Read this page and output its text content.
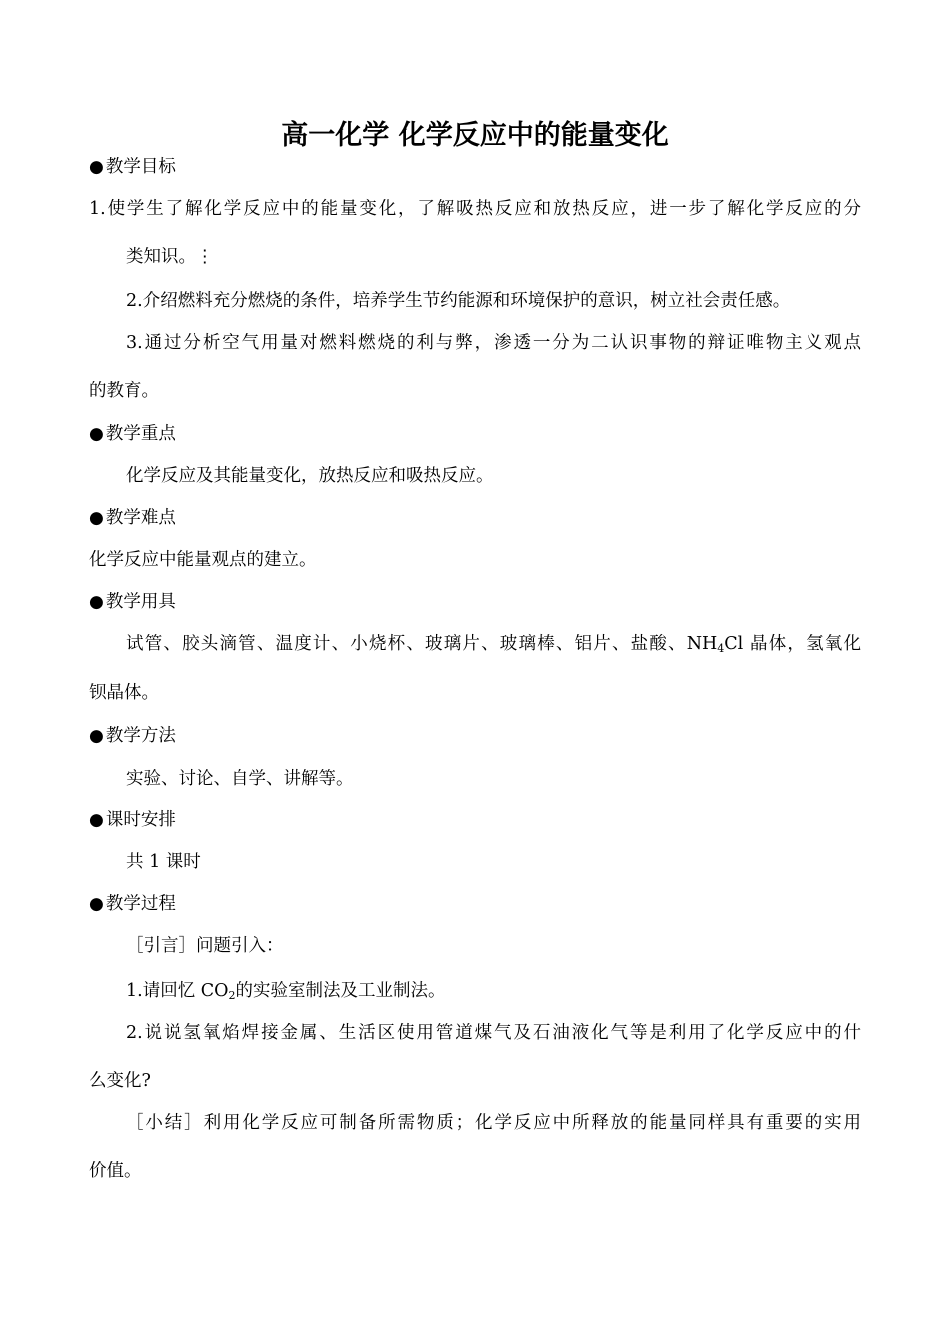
高一化学 化学反应中的能量变化
● 教学目标
1.使学生了解化学反应中的能量变化，了解吸热反应和放热反应，进一步了解化学反应的分
类知识。⋮
2.介绍燃料充分燃烧的条件，培养学生节约能源和环境保护的意识，树立社会责任感。
3.通过分析空气用量对燃料燃烧的利与弊，渗透一分为二认识事物的辩证唯物主义观点
的教育。
● 教学重点
化学反应及其能量变化，放热反应和吸热反应。
● 教学难点
化学反应中能量观点的建立。
● 教学用具
试管、胶头滴管、温度计、小烧杯、玻璃片、玻璃棒、铝片、盐酸、$NH_4Cl$ 晶体，氢氧化
钡晶体。
● 教学方法
实验、讨论、自学、讲解等。
● 课时安排
共 1 课时
● 教学过程
［引言］问题引入：
1.请回忆 $CO_2$的实验室制法及工业制法。
2.说说氢氧焰焊接金属、生活区使用管道煤气及石油液化气等是利用了化学反应中的什
么变化?
［小结］利用化学反应可制备所需物质；化学反应中所释放的能量同样具有重要的实用
价值。
